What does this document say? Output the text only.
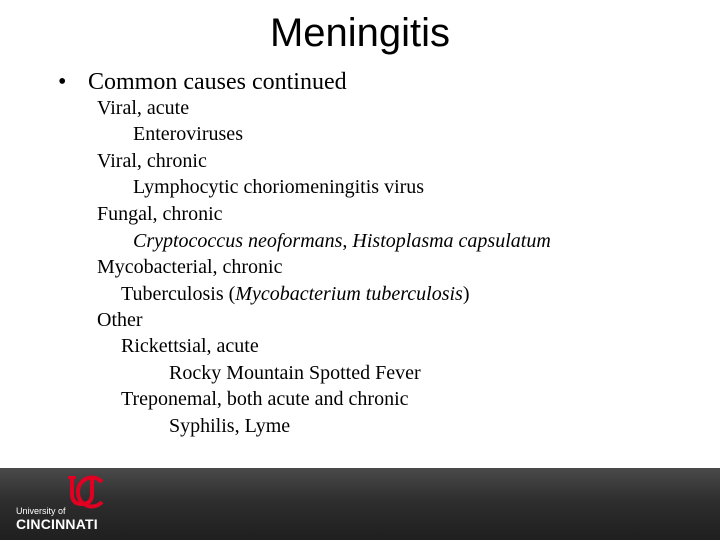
Meningitis
• Common causes continued
Viral, acute
Enteroviruses
Viral, chronic
Lymphocytic choriomeningitis virus
Fungal, chronic
Cryptococcus neoformans, Histoplasma capsulatum
Mycobacterial, chronic
Tuberculosis (Mycobacterium tuberculosis)
Other
Rickettsial, acute
Rocky Mountain Spotted Fever
Treponemal, both acute and chronic
Syphilis, Lyme
University of
CINCINNATI
